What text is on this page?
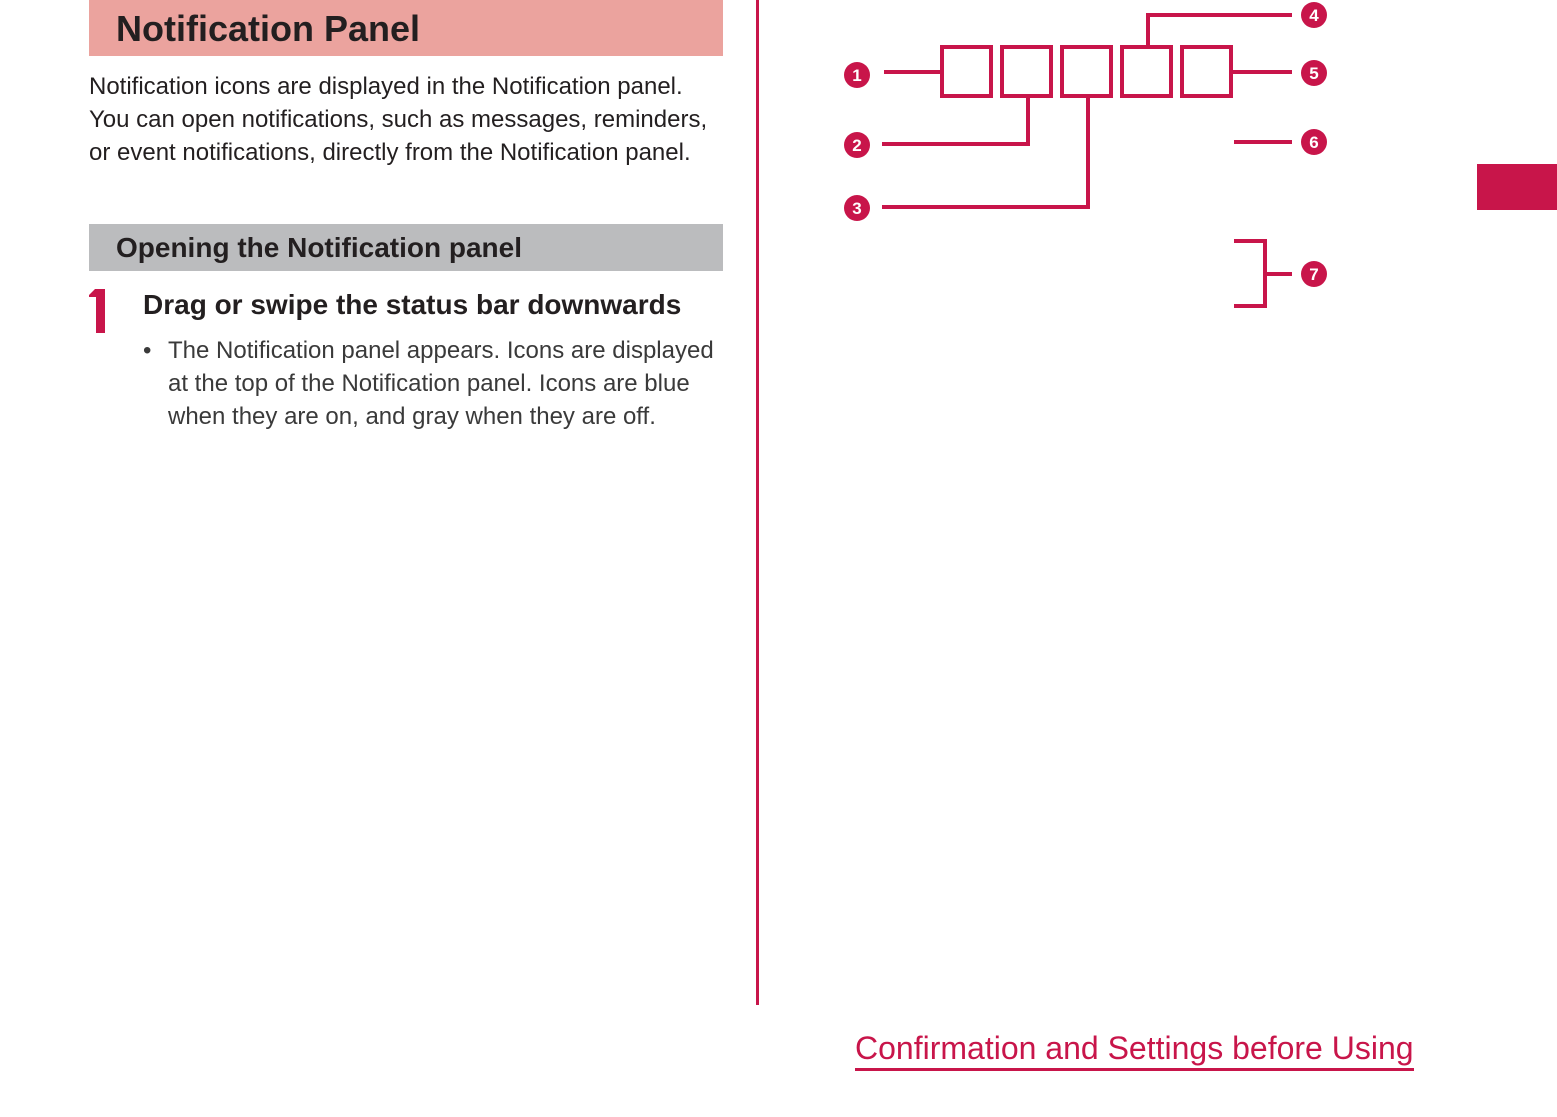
Notification Panel

Notification icons are displayed in the Notification panel. You can open notifications, such as messages, reminders, or event notifications, directly from the Notification panel.

Opening the Notification panel
Drag or swipe the status bar downwards
• The Notification panel appears. Icons are displayed at the top of the Notification panel. Icons are blue when they are on, and gray when they are off.
1
2
3
4
5
6
7
Confirmation and Settings before Using
